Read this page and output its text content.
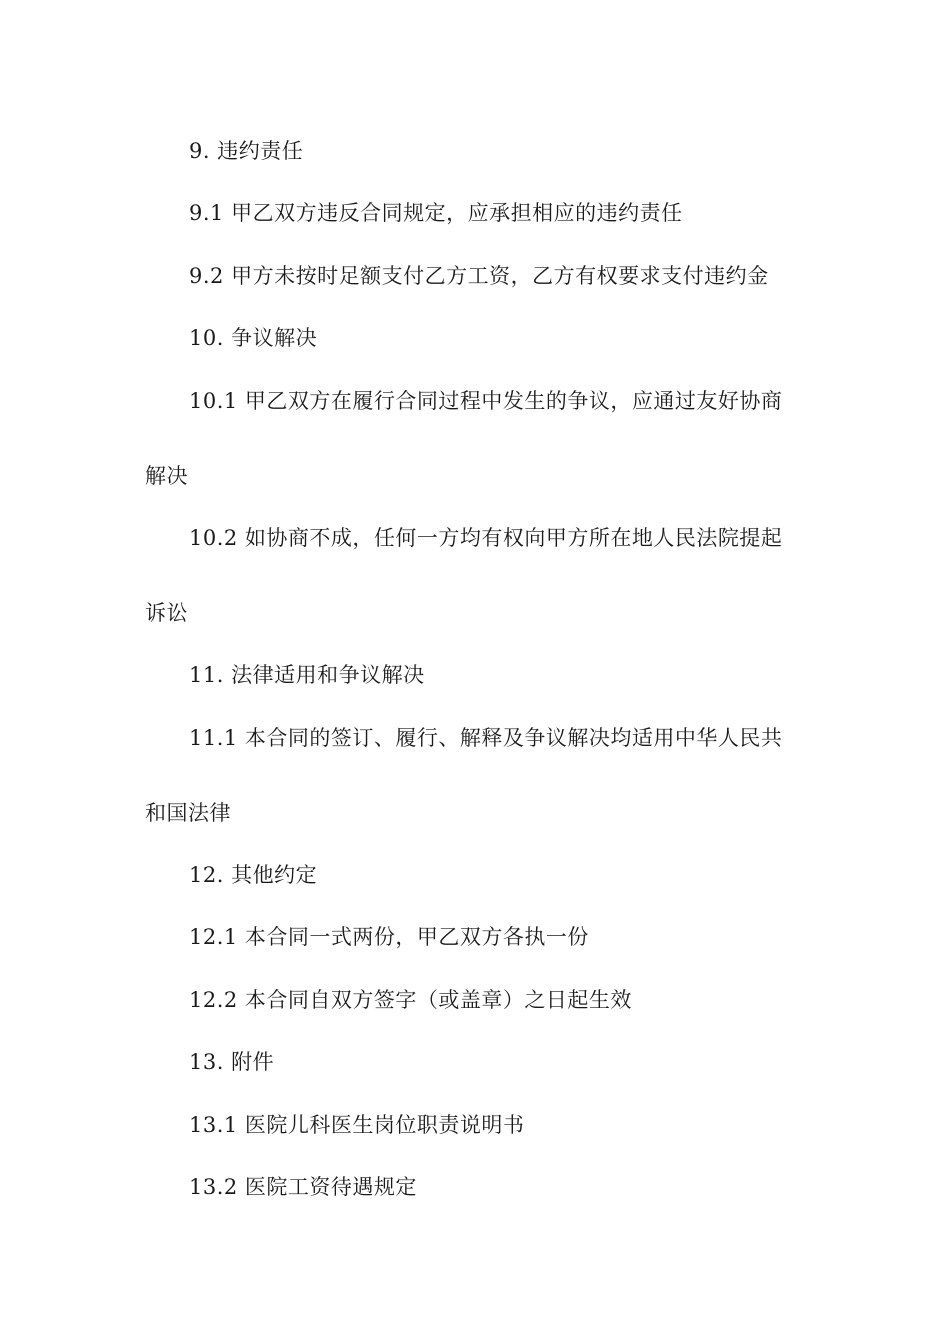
9. 违约责任
9.1 甲乙双方违反合同规定，应承担相应的违约责任
9.2 甲方未按时足额支付乙方工资，乙方有权要求支付违约金
10. 争议解决
10.1 甲乙双方在履行合同过程中发生的争议，应通过友好协商
解决
10.2 如协商不成，任何一方均有权向甲方所在地人民法院提起
诉讼
11. 法律适用和争议解决
11.1 本合同的签订、履行、解释及争议解决均适用中华人民共
和国法律
12. 其他约定
12.1 本合同一式两份，甲乙双方各执一份
12.2 本合同自双方签字（或盖章）之日起生效
13. 附件
13.1 医院儿科医生岗位职责说明书
13.2 医院工资待遇规定
